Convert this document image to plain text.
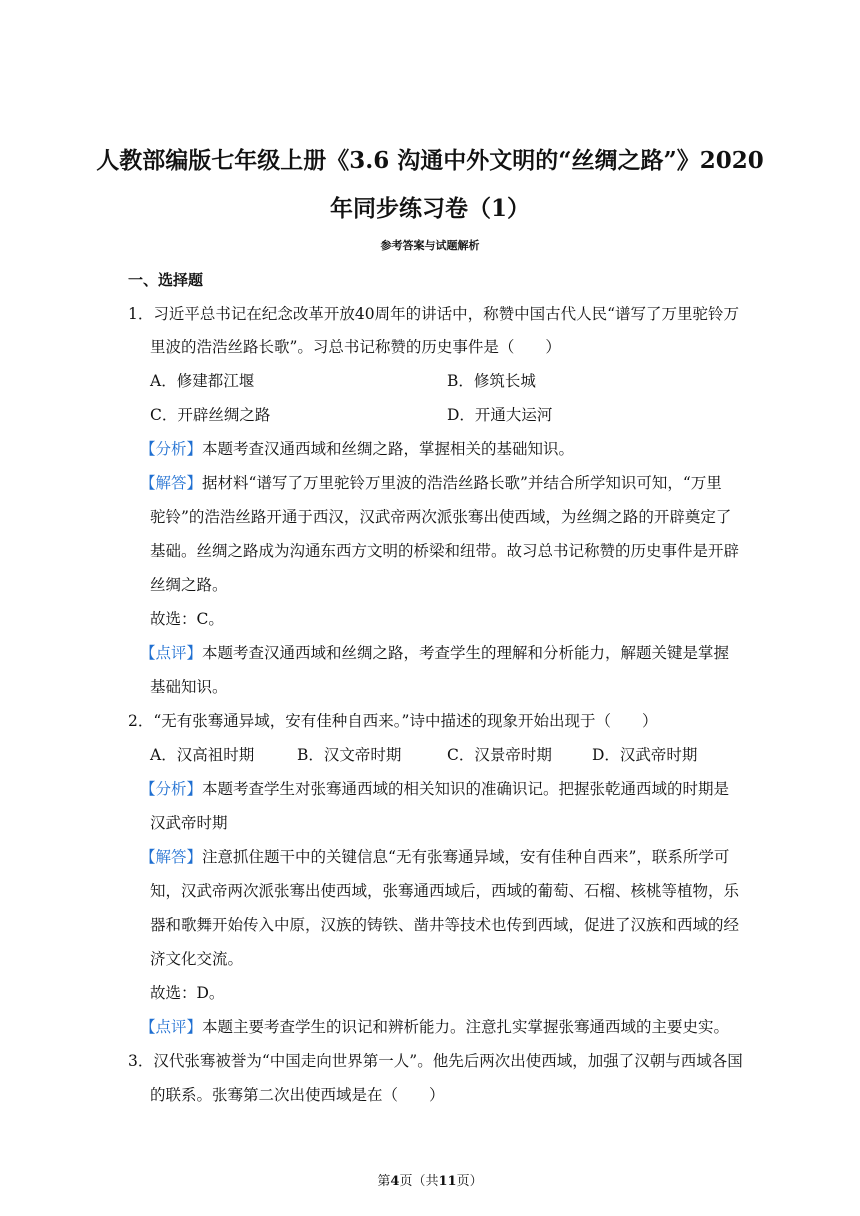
人教部编版七年级上册《3.6 沟通中外文明的“丝绸之路”》2020
年同步练习卷（1）
参考答案与试题解析
一、选择题
1．习近平总书记在纪念改革开放40周年的讲话中，称赞中国古代人民“谱写了万里驼铃万
里波的浩浩丝路长歌”。习总书记称赞的历史事件是（　　）
A．修建都江堰	B．修筑长城
C．开辟丝绸之路	D．开通大运河
【分析】本题考查汉通西域和丝绸之路，掌握相关的基础知识。
【解答】据材料“谱写了万里驼铃万里波的浩浩丝路长歌”并结合所学知识可知，“万里
驼铃”的浩浩丝路开通于西汉，汉武帝两次派张骞出使西域，为丝绸之路的开辟奠定了
基础。丝绸之路成为沟通东西方文明的桥梁和纽带。故习总书记称赞的历史事件是开辟
丝绸之路。
故选：C。
【点评】本题考查汉通西域和丝绸之路，考查学生的理解和分析能力，解题关键是掌握
基础知识。
2．“无有张骞通异域，安有佳种自西来。”诗中描述的现象开始出现于（　　）
A．汉高祖时期	B．汉文帝时期	C．汉景帝时期	D．汉武帝时期
【分析】本题考查学生对张骞通西域的相关知识的准确识记。把握张乾通西域的时期是
汉武帝时期
【解答】注意抓住题干中的关键信息“无有张骞通异域，安有佳种自西来”，联系所学可
知，汉武帝两次派张骞出使西域，张骞通西域后，西域的葡萄、石榴、核桃等植物，乐
器和歌舞开始传入中原，汉族的铸铁、凿井等技术也传到西域，促进了汉族和西域的经
济文化交流。
故选：D。
【点评】本题主要考查学生的识记和辨析能力。注意扎实掌握张骞通西域的主要史实。
3．汉代张骞被誉为“中国走向世界第一人”。他先后两次出使西域，加强了汉朝与西域各国
的联系。张骞第二次出使西域是在（　　）
第4页（共11页）
